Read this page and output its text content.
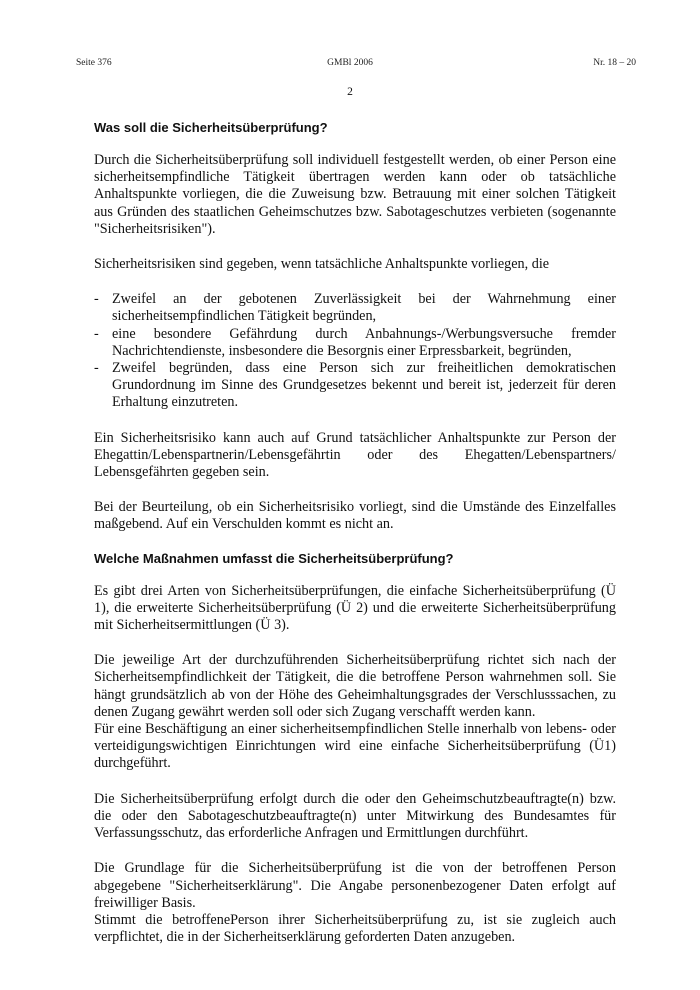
Seite 376	GMBl 2006	Nr. 18 – 20
2
Was soll die Sicherheitsüberprüfung?

Durch die Sicherheitsüberprüfung soll individuell festgestellt werden, ob einer Person eine sicherheitsempfindliche Tätigkeit übertragen werden kann oder ob tatsächliche Anhaltspunkte vorliegen, die die Zuweisung bzw. Betrauung mit einer solchen Tätigkeit aus Gründen des staatlichen Geheimschutzes bzw. Sabotageschutzes verbieten (sogenannte "Sicherheitsrisiken").

Sicherheitsrisiken sind gegeben, wenn tatsächliche Anhaltspunkte vorliegen, die

- Zweifel an der gebotenen Zuverlässigkeit bei der Wahrnehmung einer sicherheitsempfindlichen Tätigkeit begründen,
- eine besondere Gefährdung durch Anbahnungs-/Werbungsversuche fremder Nachrichtendienste, insbesondere die Besorgnis einer Erpressbarkeit, begründen,
- Zweifel begründen, dass eine Person sich zur freiheitlichen demokratischen Grundordnung im Sinne des Grundgesetzes bekennt und bereit ist, jederzeit für deren Erhaltung einzutreten.

Ein Sicherheitsrisiko kann auch auf Grund tatsächlicher Anhaltspunkte zur Person der Ehegattin/Lebenspartnerin/Lebensgefährtin oder des Ehegatten/Lebenspartners/ Lebensgefährten gegeben sein.

Bei der Beurteilung, ob ein Sicherheitsrisiko vorliegt, sind die Umstände des Einzelfalles maßgebend. Auf ein Verschulden kommt es nicht an.

Welche Maßnahmen umfasst die Sicherheitsüberprüfung?

Es gibt drei Arten von Sicherheitsüberprüfungen, die einfache Sicherheitsüberprüfung (Ü 1), die erweiterte Sicherheitsüberprüfung (Ü 2) und die erweiterte Sicherheitsüberprüfung mit Sicherheitsermittlungen (Ü 3).

Die jeweilige Art der durchzuführenden Sicherheitsüberprüfung richtet sich nach der Sicherheitsempfindlichkeit der Tätigkeit, die die betroffene Person wahrnehmen soll. Sie hängt grundsätzlich ab von der Höhe des Geheimhaltungsgrades der Verschlusssachen, zu denen Zugang gewährt werden soll oder sich Zugang verschafft werden kann.

Für eine Beschäftigung an einer sicherheitsempfindlichen Stelle innerhalb von lebens- oder verteidigungswichtigen Einrichtungen wird eine einfache Sicherheitsüberprüfung (Ü1) durchgeführt.

Die Sicherheitsüberprüfung erfolgt durch die oder den Geheimschutzbeauftragte(n) bzw. die oder den Sabotageschutzbeauftragte(n) unter Mitwirkung des Bundesamtes für Verfassungsschutz, das erforderliche Anfragen und Ermittlungen durchführt.

Die Grundlage für die Sicherheitsüberprüfung ist die von der betroffenen Person abgegebene "Sicherheitserklärung". Die Angabe personenbezogener Daten erfolgt auf freiwilliger Basis.

Stimmt die betroffenePerson ihrer Sicherheitsüberprüfung zu, ist sie zugleich auch verpflichtet, die in der Sicherheitserklärung geforderten Daten anzugeben.
